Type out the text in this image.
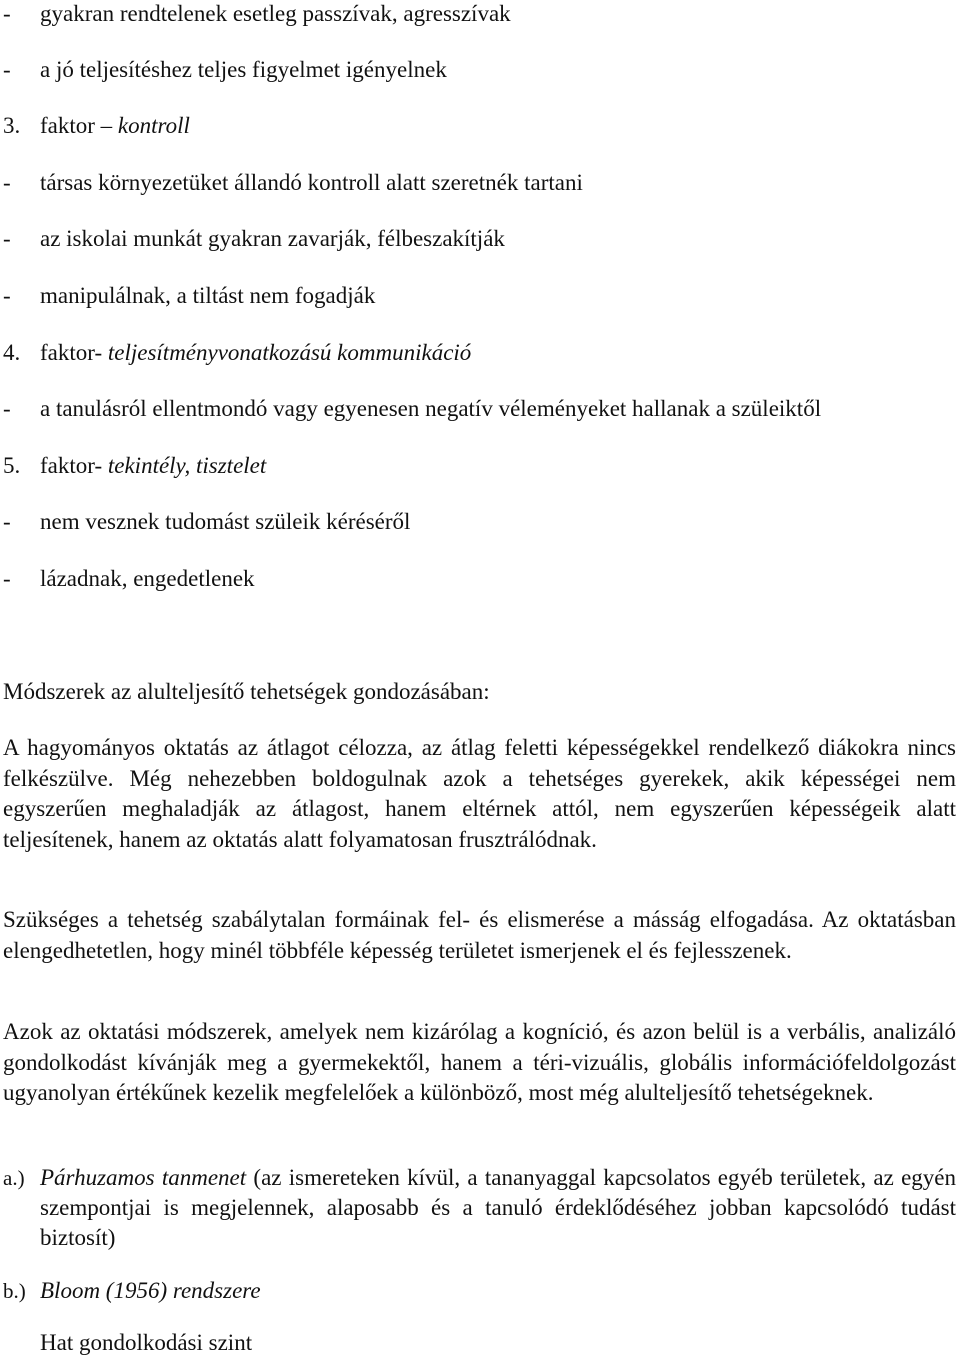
- gyakran rendtelenek esetleg passzívak, agresszívak
- a jó teljesítéshez teljes figyelmet igényelnek
3. faktor – kontroll
- társas környezetüket állandó kontroll alatt szeretnék tartani
- az iskolai munkát gyakran zavarják, félbeszakítják
- manipulálnak, a tiltást nem fogadják
4. faktor- teljesítményvonatkozású kommunikáció
- a tanulásról ellentmondó vagy egyenesen negatív véleményeket hallanak a szüleiktől
5. faktor- tekintély, tisztelet
- nem vesznek tudomást szüleik kéréséről
- lázadnak, engedetlenek
Módszerek az alulteljesítő tehetségek gondozásában:

A hagyományos oktatás az átlagot célozza, az átlag feletti képességekkel rendelkező diákokra nincs felkészülve. Még nehezebben boldogulnak azok a tehetséges gyerekek, akik képességei nem egyszerűen meghaladják az átlagost, hanem eltérnek attól, nem egyszerűen képességeik alatt teljesítenek, hanem az oktatás alatt folyamatosan frusztrálódnak.

Szükséges a tehetség szabálytalan formáinak fel- és elismerése a másság elfogadása. Az oktatásban elengedhetetlen, hogy minél többféle képesség területet ismerjenek el és fejlesszenek.

Azok az oktatási módszerek, amelyek nem kizárólag a kogníció, és azon belül is a verbális, analizáló gondolkodást kívánják meg a gyermekektől, hanem a téri-vizuális, globális információfeldolgozást ugyanolyan értékűnek kezelik megfelelőek a különböző, most még alulteljesítő tehetségeknek.

a.) Párhuzamos tanmenet (az ismereteken kívül, a tananyaggal kapcsolatos egyéb területek, az egyén szempontjai is megjelennek, alaposabb és a tanuló érdeklődéséhez jobban kapcsolódó tudást biztosít)
b.) Bloom (1956) rendszere
Hat gondolkodási szint
